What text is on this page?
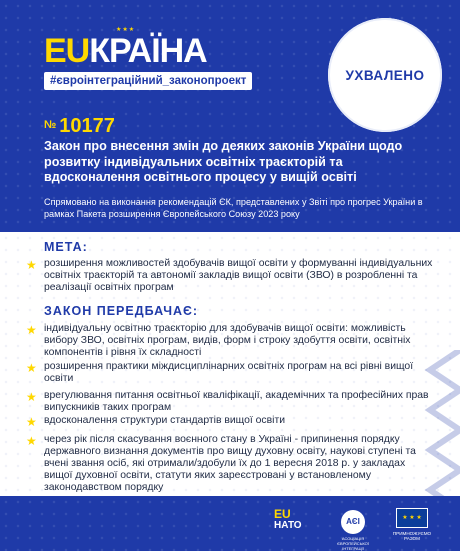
EU КРАЇНА
★★★
#євроінтеграційний_законопроект	УХВАЛЕНО
№ 10177
Закон про внесення змін до деяких законів України щодо розвитку індивідуальних освітніх траєкторій та вдосконалення освітнього процесу у вищій освіті
Спрямовано на виконання рекомендацій ЄК, представлених у Звіті про прогрес України в рамках Пакета розширення Європейського Союзу 2023 року
МЕТА:
★ розширення можливостей здобувачів вищої освіти у формуванні індивідуальних освітніх траєкторій та автономії закладів вищої освіти (ЗВО) в розробленні та реалізації освітніх програм
ЗАКОН ПЕРЕДБАЧАЄ:
★ індивідуальну освітню траєкторію для здобувачів вищої освіти: можливість вибору ЗВО, освітніх програм, видів, форм і строку здобуття освіти, освітніх компонентів і рівня їх складності
★ розширення практики міждисциплінарних освітніх програм на всі рівні вищої освіти
★ врегулювання питання освітньої кваліфікації, академічних та професійних прав випускників таких програм
★ вдосконалення структури стандартів вищої освіти
★ через рік після скасування воєнного стану в Україні - припинення порядку державного визнання документів про вищу духовну освіту, наукові ступені та вчені звання осіб, які отримали/здобули їх до 1 вересня 2018 р. у закладах вищої духовної освіти, статути яких зареєстровані у встановленому законодавством порядку
EU
НАТО	АЄІ
АСОЦІАЦІЯ ЄВРОПЕЙСЬКОЇ ІНТЕГРАЦІЇ
★ ★ ★
ПРИМНОЖУЄМО РАЗОМ
